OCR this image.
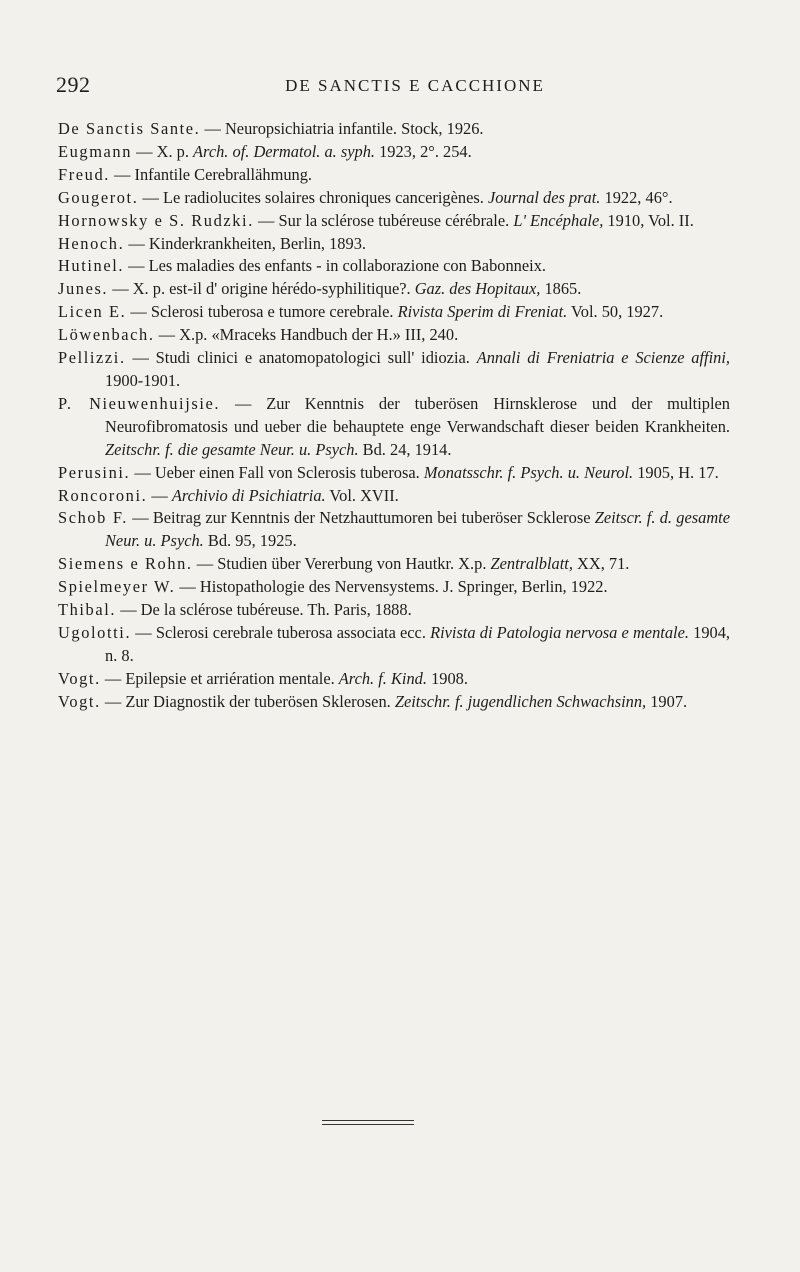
292	DE SANCTIS E CACCHIONE
De Sanctis Sante. — Neuropsichiatria infantile. Stock, 1926.
Eugmann — X. p. Arch. of. Dermatol. a. syph. 1923, 2°. 254.
Freud. — Infantile Cerebrallähmung.
Gougerot. — Le radiolucites solaires chroniques cancerigènes. Journal des prat. 1922, 46°.
Hornowsky e S. Rudzki. — Sur la sclérose tubéreuse cérébrale. L' Encéphale, 1910, Vol. II.
Henoch. — Kinderkrankheiten, Berlin, 1893.
Hutinel. — Les maladies des enfants - in collaborazione con Babonneix.
Junes. — X. p. est-il d' origine hérédo-syphilitique?. Gaz. des Hopitaux, 1865.
Licen E. — Sclerosi tuberosa e tumore cerebrale. Rivista Sperim di Freniat. Vol. 50, 1927.
Löwenbach. — X.p. «Mraceks Handbuch der H.» III, 240.
Pellizzi. — Studi clinici e anatomopatologici sull' idiozia. Annali di Freniatria e Scienze affini, 1900-1901.
P. Nieuwenhuijsie. — Zur Kenntnis der tuberösen Hirnsklerose und der multiplen Neurofibromatosis und ueber die behauptete enge Verwandschaft dieser beiden Krankheiten. Zeitschr. f. die gesamte Neur. u. Psych. Bd. 24, 1914.
Perusini. — Ueber einen Fall von Sclerosis tuberosa. Monatsschr. f. Psych. u. Neurol. 1905, H. 17.
Roncoroni. — Archivio di Psichiatria. Vol. XVII.
Schob F. — Beitrag zur Kenntnis der Netzhauttumoren bei tuberöser Scklerose Zeitscr. f. d. gesamte Neur. u. Psych. Bd. 95, 1925.
Siemens e Rohn. — Studien über Vererbung von Hautkr. X.p. Zentralblatt, XX, 71.
Spielmeyer W. — Histopathologie des Nervensystems. J. Springer, Berlin, 1922.
Thibal. — De la sclérose tubéreuse. Th. Paris, 1888.
Ugolotti. — Sclerosi cerebrale tuberosa associata ecc. Rivista di Patologia nervosa e mentale. 1904, n. 8.
Vogt. — Epilepsie et arriération mentale. Arch. f. Kind. 1908.
Vogt. — Zur Diagnostik der tuberösen Sklerosen. Zeitschr. f. jugendlichen Schwachsinn, 1907.
